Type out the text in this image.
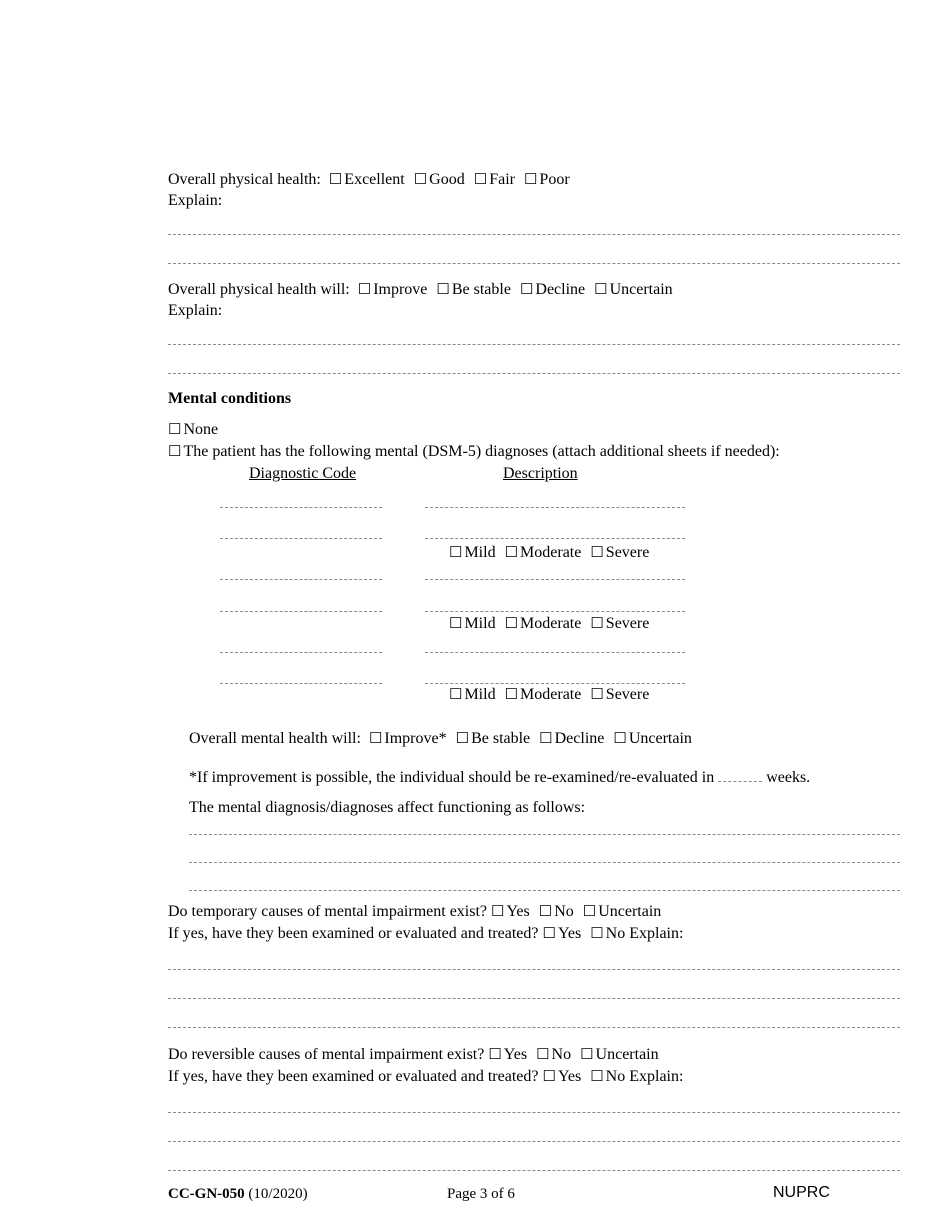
Overall physical health: ☐ Excellent ☐ Good ☐ Fair ☐ Poor
Explain:
Overall physical health will: ☐ Improve ☐ Be stable ☐ Decline ☐ Uncertain
Explain:
Mental conditions
☐ None
☐ The patient has the following mental (DSM-5) diagnoses (attach additional sheets if needed):
Diagnostic Code	Description
☐ Mild ☐ Moderate ☐ Severe
☐ Mild ☐ Moderate ☐ Severe
☐ Mild ☐ Moderate ☐ Severe
Overall mental health will: ☐ Improve* ☐ Be stable ☐ Decline ☐ Uncertain
*If improvement is possible, the individual should be re-examined/re-evaluated in	weeks.
The mental diagnosis/diagnoses affect functioning as follows:
Do temporary causes of mental impairment exist? ☐ Yes ☐ No ☐ Uncertain
If yes, have they been examined or evaluated and treated? ☐ Yes ☐ No Explain:
Do reversible causes of mental impairment exist? ☐ Yes ☐ No ☐ Uncertain
If yes, have they been examined or evaluated and treated? ☐ Yes ☐ No Explain:
CC-GN-050 (10/2020)	Page 3 of 6	NUPRC
